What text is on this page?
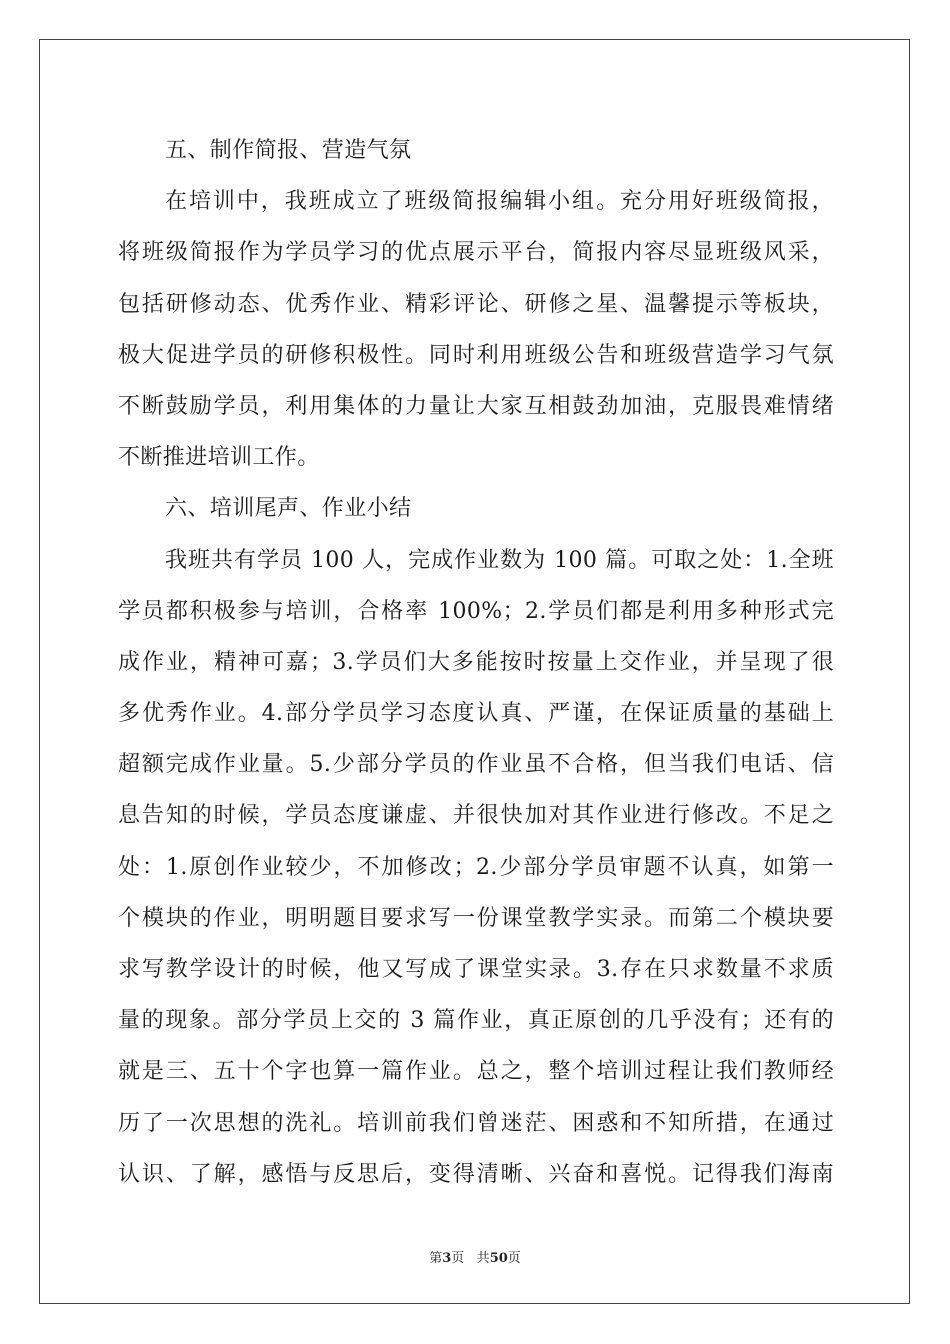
五、制作简报、营造气氛
在培训中，我班成立了班级简报编辑小组。充分用好班级简报，
将班级简报作为学员学习的优点展示平台，简报内容尽显班级风采，
包括研修动态、优秀作业、精彩评论、研修之星、温馨提示等板块，
极大促进学员的研修积极性。同时利用班级公告和班级营造学习气氛
不断鼓励学员，利用集体的力量让大家互相鼓劲加油，克服畏难情绪
不断推进培训工作。
六、培训尾声、作业小结
我班共有学员 100 人，完成作业数为 100 篇。可取之处：1.全班
学员都积极参与培训，合格率 100%；2.学员们都是利用多种形式完
成作业，精神可嘉；3.学员们大多能按时按量上交作业，并呈现了很
多优秀作业。4.部分学员学习态度认真、严谨，在保证质量的基础上
超额完成作业量。5.少部分学员的作业虽不合格，但当我们电话、信
息告知的时候，学员态度谦虚、并很快加对其作业进行修改。不足之
处：1.原创作业较少，不加修改；2.少部分学员审题不认真，如第一
个模块的作业，明明题目要求写一份课堂教学实录。而第二个模块要
求写教学设计的时候，他又写成了课堂实录。3.存在只求数量不求质
量的现象。部分学员上交的 3 篇作业，真正原创的几乎没有；还有的
就是三、五十个字也算一篇作业。总之，整个培训过程让我们教师经
历了一次思想的洗礼。培训前我们曾迷茫、困惑和不知所措，在通过
认识、了解，感悟与反思后，变得清晰、兴奋和喜悦。记得我们海南
第3页 共50页
